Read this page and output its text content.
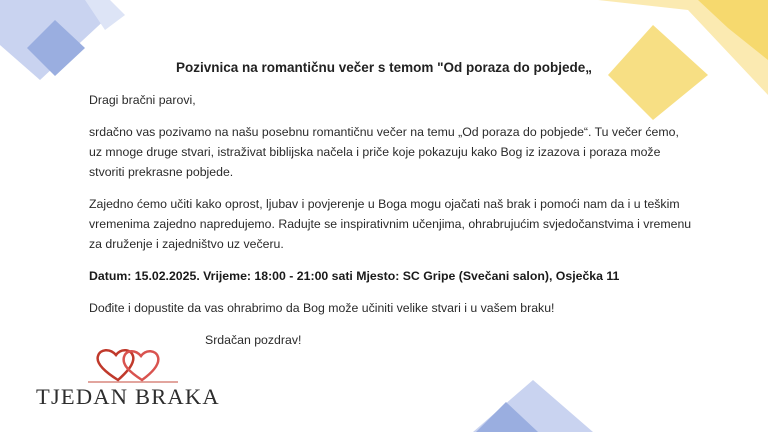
Pozivnica na romantičnu večer s temom "Od poraza do pobjede„
Dragi bračni parovi,
srdačno vas pozivamo na našu posebnu romantičnu večer na temu „Od poraza do pobjede“. Tu večer ćemo, uz mnoge druge stvari, istraživat biblijska načela i priče koje pokazuju kako Bog iz izazova i poraza može stvoriti prekrasne pobjede.
Zajedno ćemo učiti kako oprost, ljubav i povjerenje u Boga mogu ojačati naš brak i pomoći nam da i u teškim vremenima zajedno napredujemo. Radujte se inspirativnim učenjima, ohrabrujućim svjedočanstvima i vremenu za druženje i zajedništvo uz večeru.
Datum: 15.02.2025. Vrijeme: 18:00 - 21:00 sati Mjesto: SC Gripe (Svečani salon), Osječka 11
Dođite i dopustite da vas ohrabrimo da Bog može učiniti velike stvari i u vašem braku!
Srdačan pozdrav!
TJEDAN BRAKA
